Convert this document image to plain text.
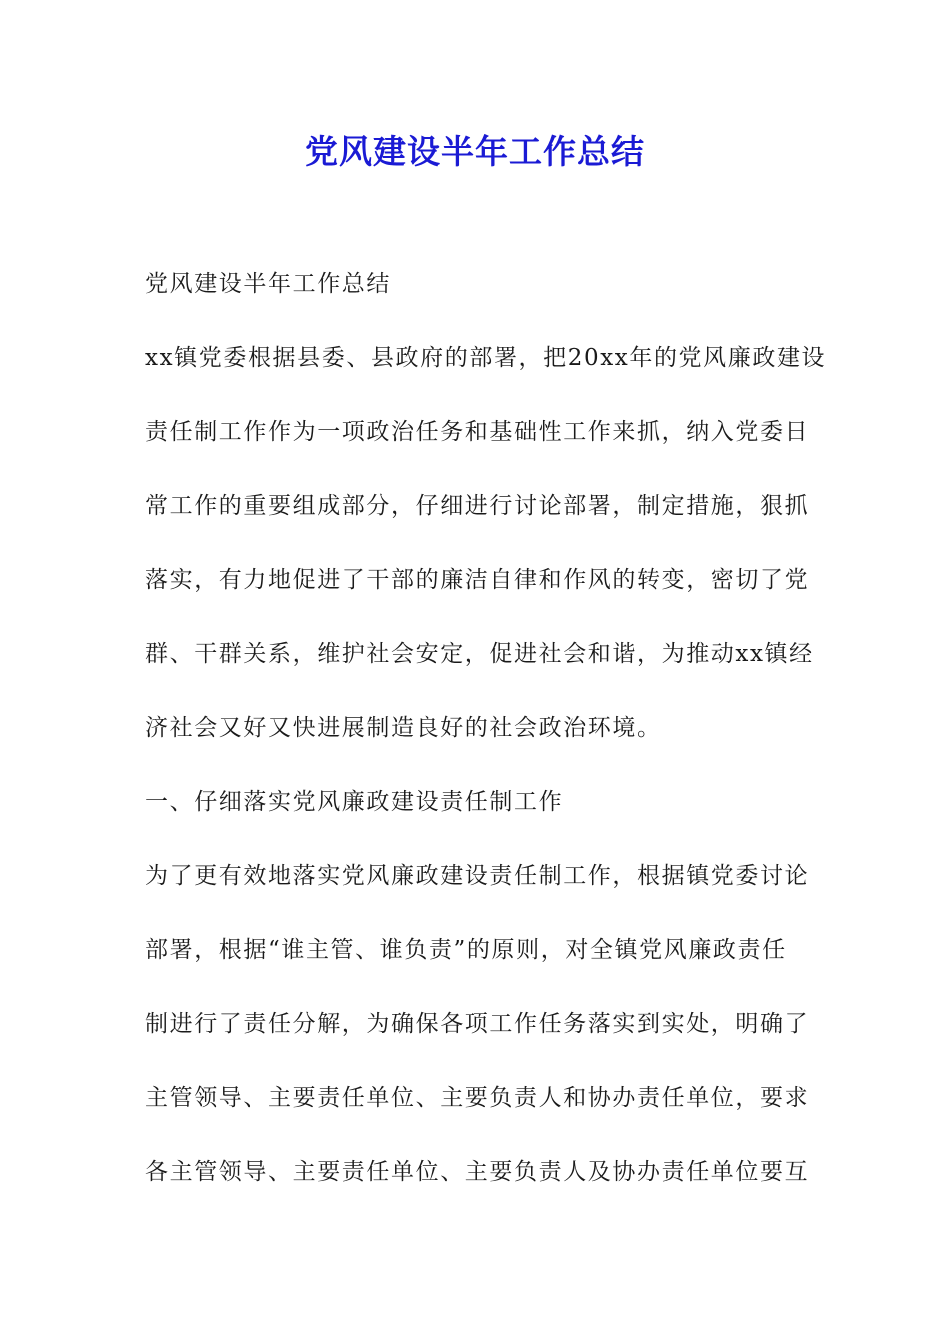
党风建设半年工作总结

党风建设半年工作总结

xx镇党委根据县委、县政府的部署，把20xx年的党风廉政建设
责任制工作作为一项政治任务和基础性工作来抓，纳入党委日
常工作的重要组成部分，仔细进行讨论部署，制定措施，狠抓
落实，有力地促进了干部的廉洁自律和作风的转变，密切了党
群、干群关系，维护社会安定，促进社会和谐，为推动xx镇经
济社会又好又快进展制造良好的社会政治环境。

一、仔细落实党风廉政建设责任制工作

为了更有效地落实党风廉政建设责任制工作，根据镇党委讨论
部署，根据“谁主管、谁负责”的原则，对全镇党风廉政责任
制进行了责任分解，为确保各项工作任务落实到实处，明确了
主管领导、主要责任单位、主要负责人和协办责任单位，要求
各主管领导、主要责任单位、主要负责人及协办责任单位要互
